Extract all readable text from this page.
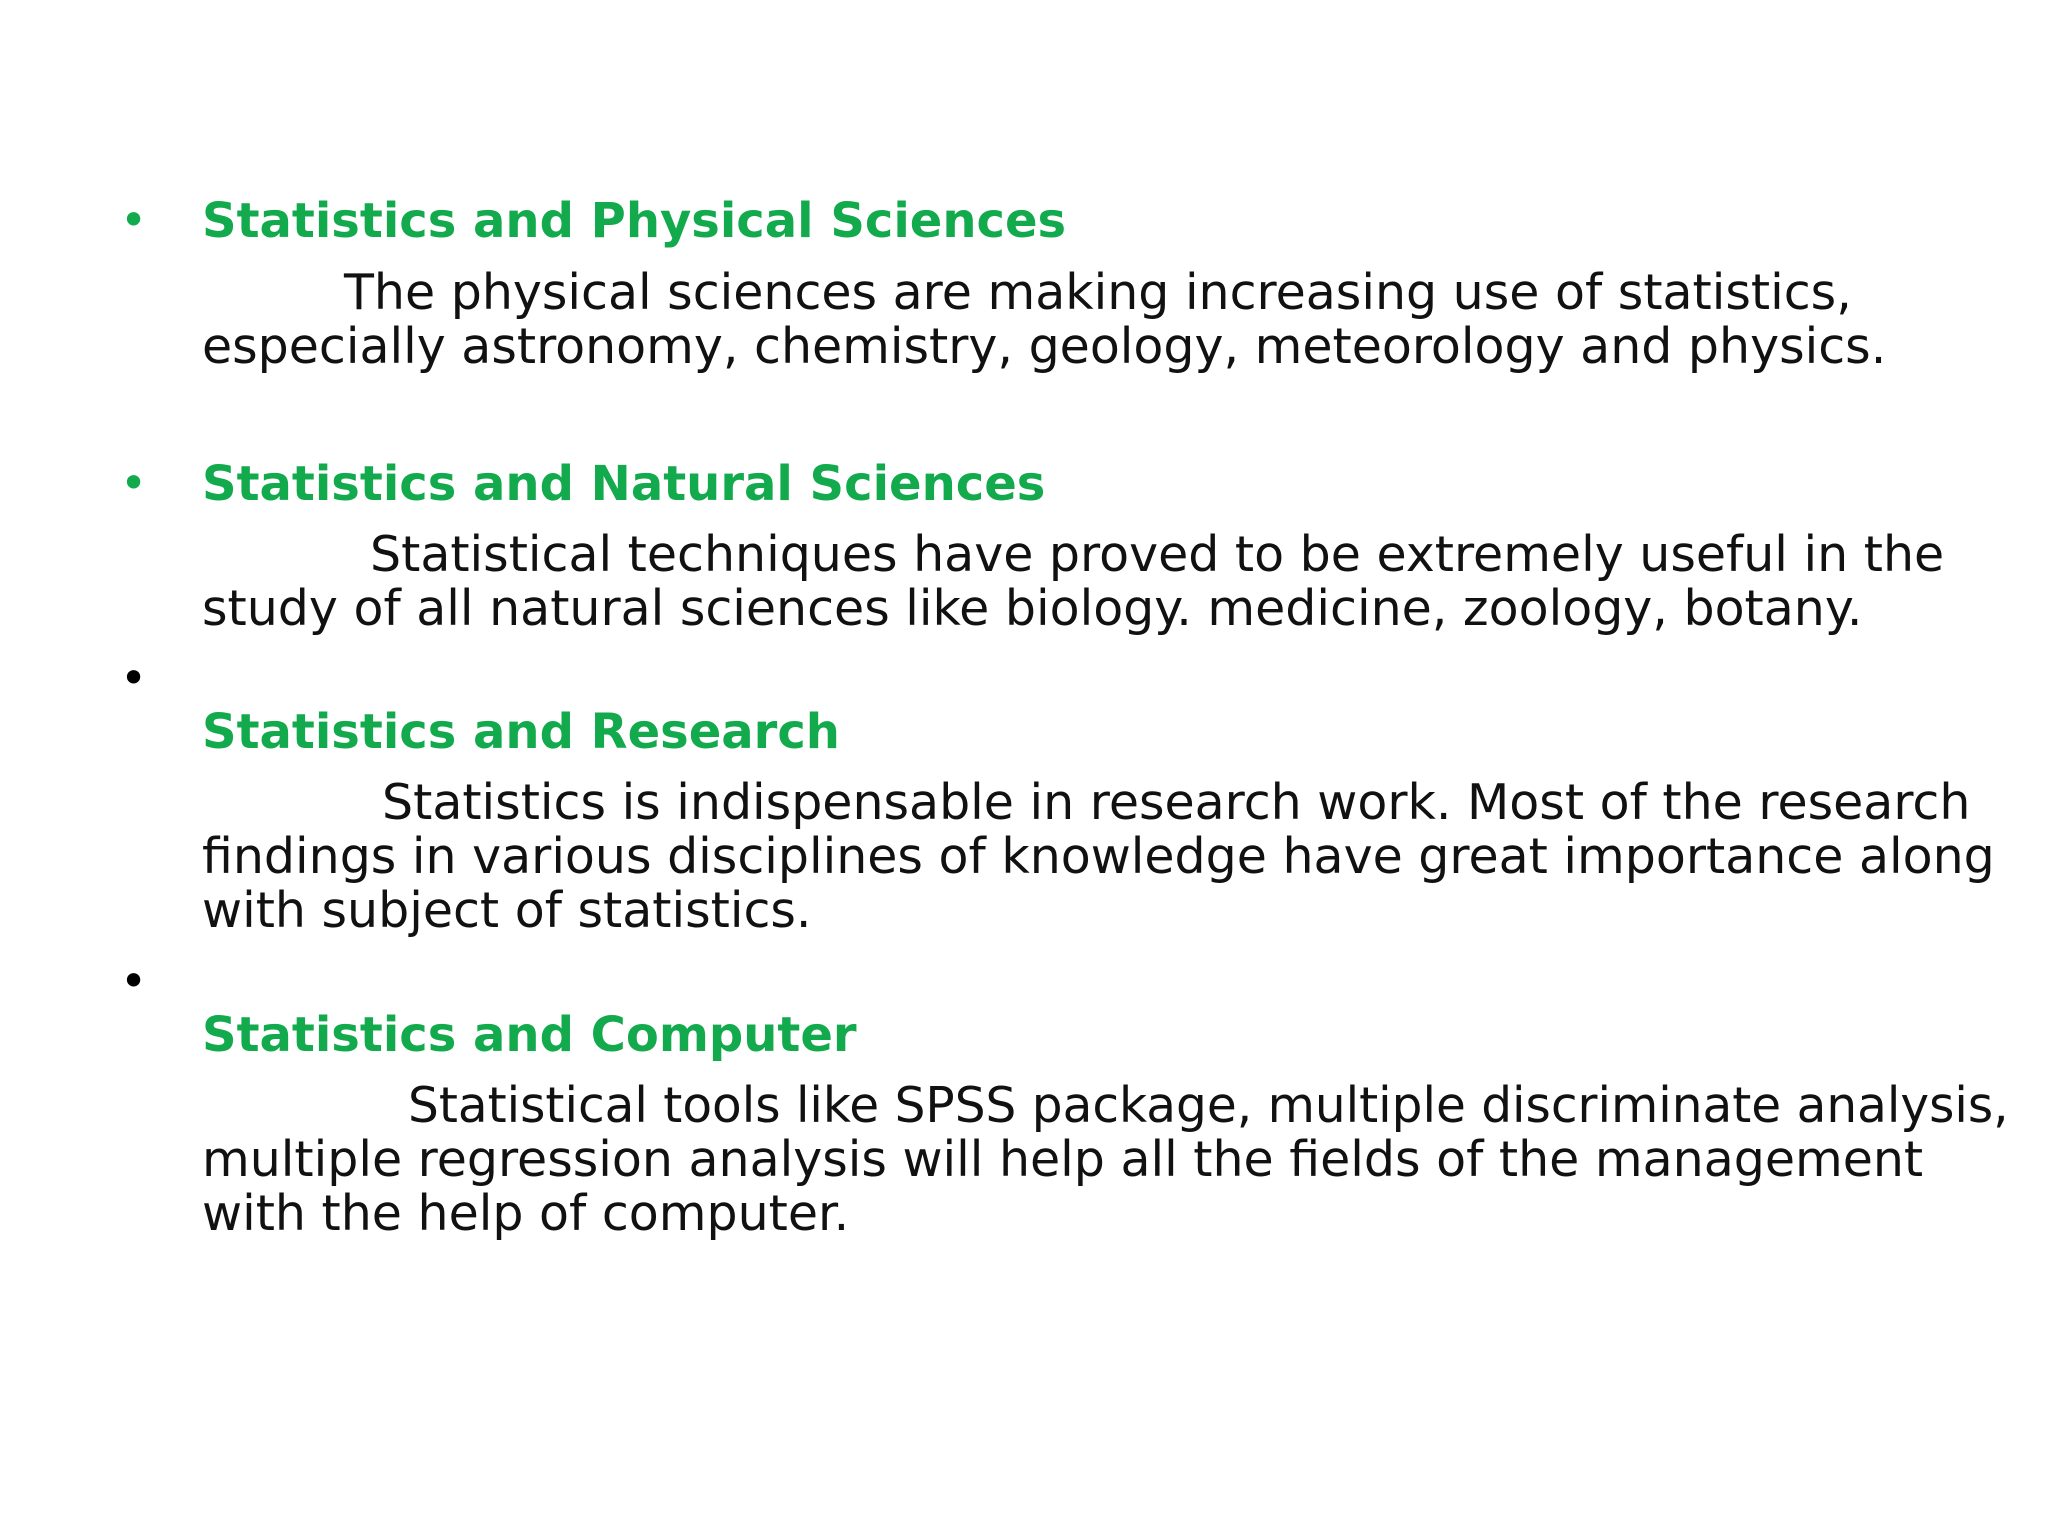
• Statistics and Physical Sciences
The physical sciences are making increasing use of statistics,
especially astronomy, chemistry, geology, meteorology and physics.
• Statistics and Natural Sciences
Statistical techniques have proved to be extremely useful in the
study of all natural sciences like biology. medicine, zoology, botany.
•
Statistics and Research
Statistics is indispensable in research work. Most of the research
findings in various disciplines of knowledge have great importance along
with subject of statistics.
•
Statistics and Computer
Statistical tools like SPSS package, multiple discriminate analysis,
multiple regression analysis will help all the fields of the management
with the help of computer.
